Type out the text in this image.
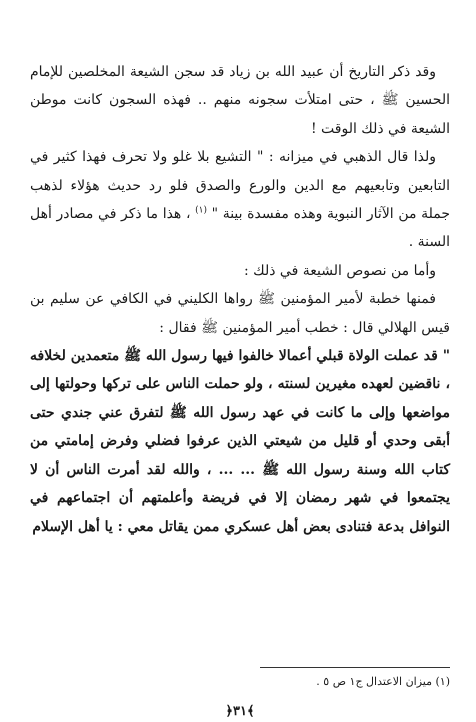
وقد ذكر التاريخ أن عبيد الله بن زياد قد سجن الشيعة المخلصين للإمام الحسين ﷺ ، حتى امتلأت سجونه منهم .. فهذه السجون كانت موطن الشيعة في ذلك الوقت !

ولذا قال الذهبي في ميزانه : " التشيع بلا غلو ولا تحرف فهذا كثير في التابعين وتابعيهم مع الدين والورع والصدق فلو رد حديث هؤلاء لذهب جملة من الآثار النبوية وهذه مفسدة بينة " $^{(١)}$ ، هذا ما ذكر في مصادر أهل السنة .

وأما من نصوص الشيعة في ذلك :

فمنها خطبة لأمير المؤمنين ﷺ رواها الكليني في الكافي عن سليم بن قيس الهلالي قال : خطب أمير المؤمنين ﷺ فقال :

" قد عملت الولاة قبلي أعمالا خالفوا فيها رسول الله ﷺ متعمدين لخلافه ، ناقضين لعهده مغيرين لسنته ، ولو حملت الناس على تركها وحولتها إلى مواضعها وإلى ما كانت في عهد رسول الله ﷺ لتفرق عني جندي حتى أبقى وحدي أو قليل من شيعتي الذين عرفوا فضلي وفرض إمامتي من كتاب الله وسنة رسول الله ﷺ ... ... ، والله لقد أمرت الناس أن لا يجتمعوا في شهر رمضان إلا في فريضة وأعلمتهم أن اجتماعهم في النوافل بدعة فتنادى بعض أهل عسكري ممن يقاتل معي : يا أهل الإسلام

(١) ميزان الاعتدال ج١ ص ٥ .
﴿٣١﴾
